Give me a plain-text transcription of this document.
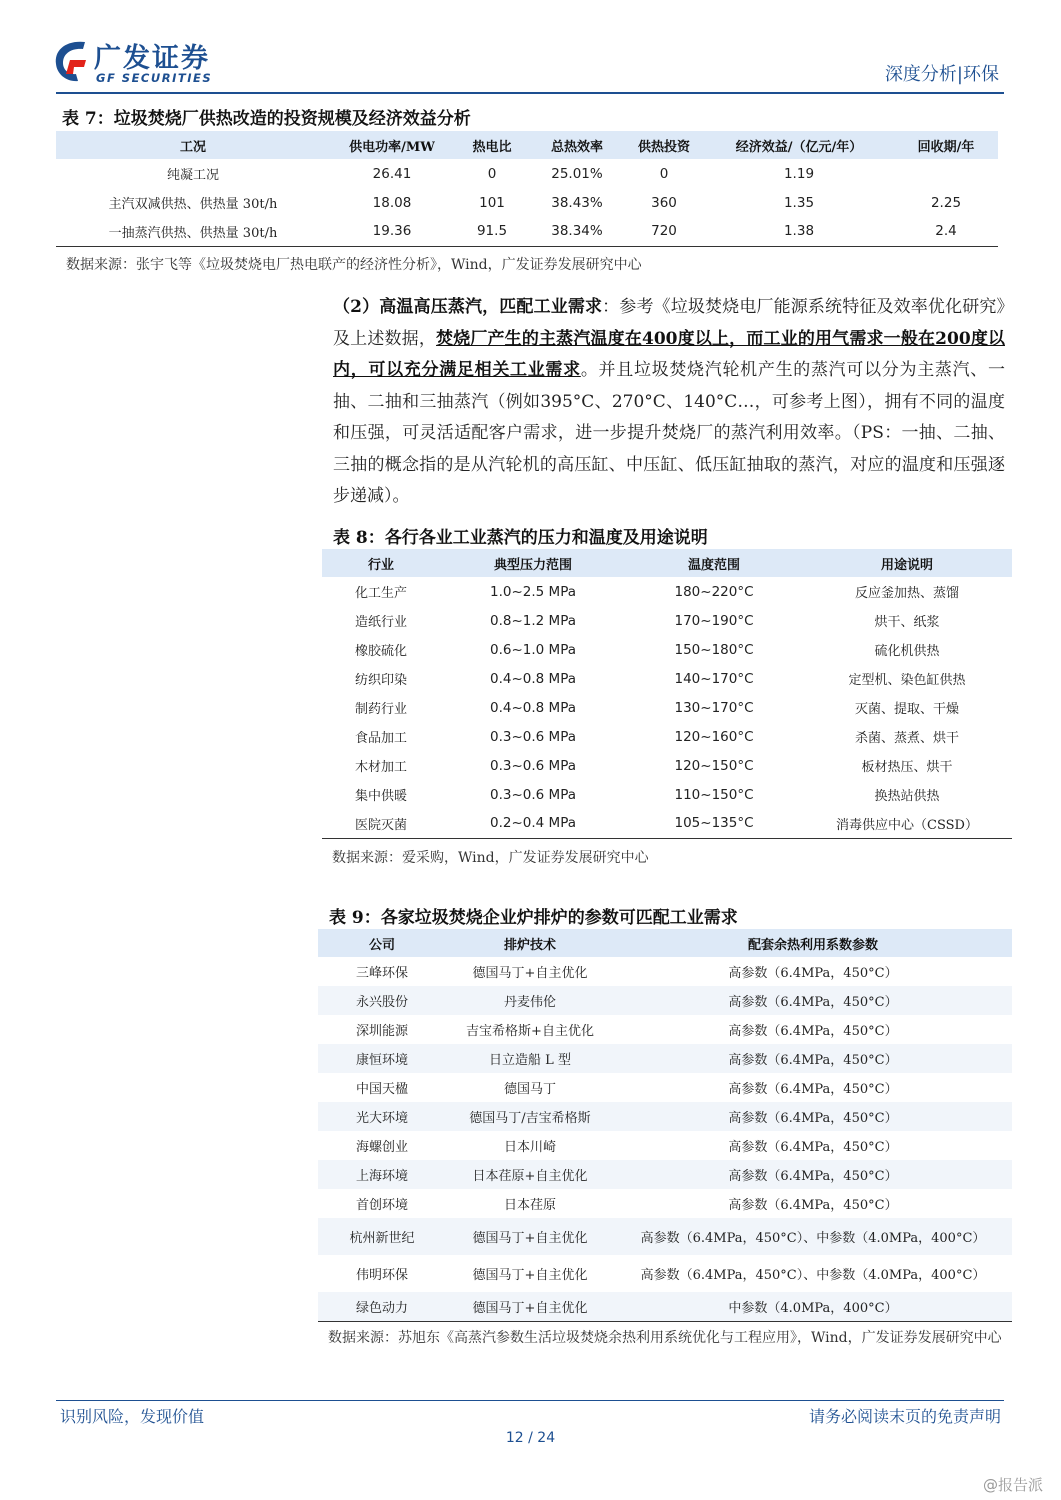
广发证券
GF SECURITIES	深度分析|环保
表 7：垃圾焚烧厂供热改造的投资规模及经济效益分析
工况	供电功率/MW	热电比	总热效率	供热投资	经济效益/（亿元/年）	回收期/年
纯凝工况	26.41	0	25.01%	0	1.19	
主汽双减供热、供热量 30t/h	18.08	101	38.43%	360	1.35	2.25
一抽蒸汽供热、供热量 30t/h	19.36	91.5	38.34%	720	1.38	2.4
数据来源：张宇飞等《垃圾焚烧电厂热电联产的经济性分析》，Wind，广发证券发展研究中心
（2）高温高压蒸汽，匹配工业需求：参考《垃圾焚烧电厂能源系统特征及效率优化研究》及上述数据，焚烧厂产生的主蒸汽温度在400度以上，而工业的用气需求一般在200度以内，可以充分满足相关工业需求。并且垃圾焚烧汽轮机产生的蒸汽可以分为主蒸汽、一抽、二抽和三抽蒸汽（例如395°C、270°C、140°C…，可参考上图），拥有不同的温度和压强，可灵活适配客户需求，进一步提升焚烧厂的蒸汽利用效率。（PS：一抽、二抽、三抽的概念指的是从汽轮机的高压缸、中压缸、低压缸抽取的蒸汽，对应的温度和压强逐步递减）。
表 8：各行各业工业蒸汽的压力和温度及用途说明
行业	典型压力范围	温度范围	用途说明
化工生产	1.0~2.5 MPa	180~220°C	反应釜加热、蒸馏
造纸行业	0.8~1.2 MPa	170~190°C	烘干、纸浆
橡胶硫化	0.6~1.0 MPa	150~180°C	硫化机供热
纺织印染	0.4~0.8 MPa	140~170°C	定型机、染色缸供热
制药行业	0.4~0.8 MPa	130~170°C	灭菌、提取、干燥
食品加工	0.3~0.6 MPa	120~160°C	杀菌、蒸煮、烘干
木材加工	0.3~0.6 MPa	120~150°C	板材热压、烘干
集中供暖	0.3~0.6 MPa	110~150°C	换热站供热
医院灭菌	0.2~0.4 MPa	105~135°C	消毒供应中心（CSSD）
数据来源：爱采购，Wind，广发证券发展研究中心
表 9：各家垃圾焚烧企业炉排炉的参数可匹配工业需求
公司	排炉技术	配套余热利用系数参数
三峰环保	德国马丁+自主优化	高参数（6.4MPa，450°C）
永兴股份	丹麦伟伦	高参数（6.4MPa，450°C）
深圳能源	吉宝希格斯+自主优化	高参数（6.4MPa，450°C）
康恒环境	日立造船 L 型	高参数（6.4MPa，450°C）
中国天楹	德国马丁	高参数（6.4MPa，450°C）
光大环境	德国马丁/吉宝希格斯	高参数（6.4MPa，450°C）
海螺创业	日本川崎	高参数（6.4MPa，450°C）
上海环境	日本荏原+自主优化	高参数（6.4MPa，450°C）
首创环境	日本荏原	高参数（6.4MPa，450°C）
杭州新世纪	德国马丁+自主优化	高参数（6.4MPa，450°C）、中参数（4.0MPa，400°C）
伟明环保	德国马丁+自主优化	高参数（6.4MPa，450°C）、中参数（4.0MPa，400°C）
绿色动力	德国马丁+自主优化	中参数（4.0MPa，400°C）
数据来源：苏旭东《高蒸汽参数生活垃圾焚烧余热利用系统优化与工程应用》，Wind，广发证券发展研究中心
识别风险，发现价值	请务必阅读末页的免责声明
12 / 24
@报告派
